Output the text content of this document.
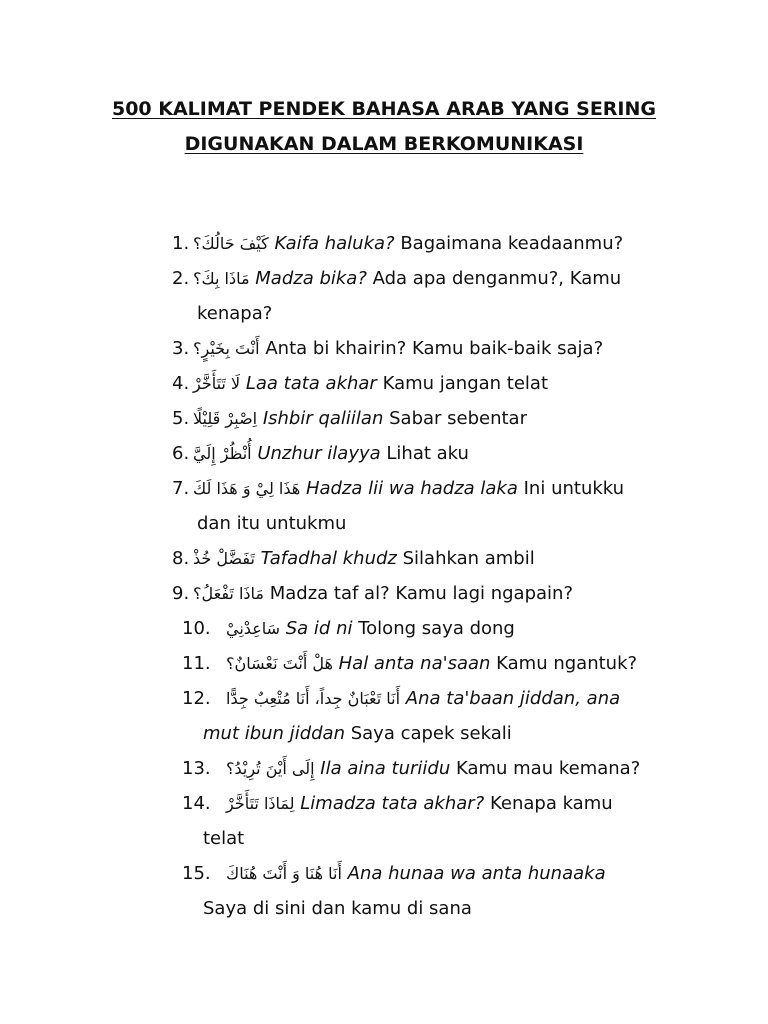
500 KALIMAT PENDEK BAHASA ARAB YANG SERING
DIGUNAKAN DALAM BERKOMUNIKASI
1. كَيْفَ حَالُكَ؟ Kaifa haluka? Bagaimana keadaanmu?
2. مَاذَا بِكَ؟ Madza bika? Ada apa denganmu?, Kamu
kenapa?
3. أَنْتَ بِخَيْرٍ؟ Anta bi khairin? Kamu baik-baik saja?
4. لَا تَتَأَخَّرْ Laa tata akhar Kamu jangan telat
5. اِصْبِرْ قَلِيْلًا Ishbir qaliilan Sabar sebentar
6. أُنْظُرْ إِلَيَّ Unzhur ilayya Lihat aku
7. هَذَا لِيْ وَ هَذَا لَكَ Hadza lii wa hadza laka Ini untukku
dan itu untukmu
8. تَفَضَّلْ خُذْ Tafadhal khudz Silahkan ambil
9. مَاذَا تَفْعَلُ؟ Madza taf al? Kamu lagi ngapain?
10. سَاعِدْنِيْ Sa id ni Tolong saya dong
11. هَلْ أَنْتَ نَعْسَانٌ؟ Hal anta na'saan Kamu ngantuk?
12. أَنَا تَعْبَانٌ جِداً، أَنَا مُتْعِبٌ جِدًّا Ana ta'baan jiddan, ana
mut ibun jiddan Saya capek sekali
13. إِلَى أَيْنَ تُرِيْدُ؟ Ila aina turiidu Kamu mau kemana?
14. لِمَاذَا تَتَأَخَّرْ Limadza tata akhar? Kenapa kamu
telat
15. أَنَا هُنَا وَ أَنْتَ هُنَاكَ Ana hunaa wa anta hunaaka
Saya di sini dan kamu di sana
